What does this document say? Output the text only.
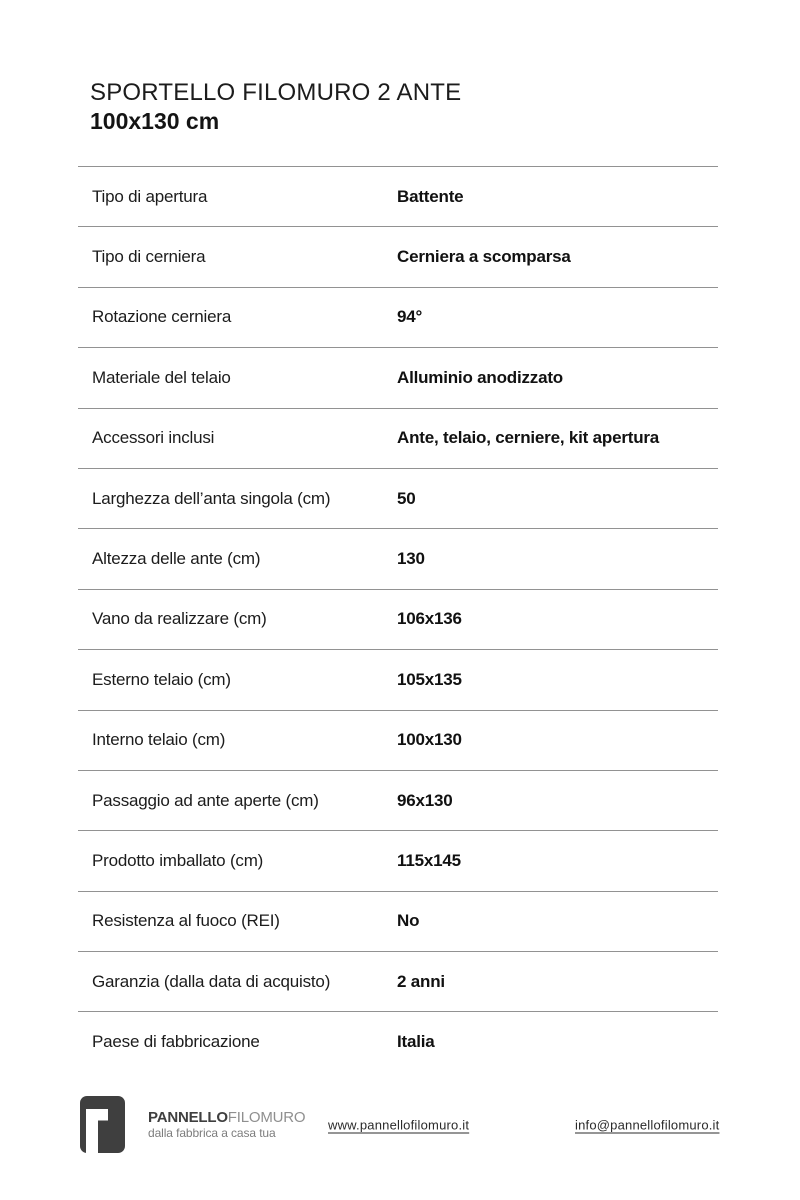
SPORTELLO FILOMURO 2 ANTE
100x130 cm
Tipo di apertura	Battente
Tipo di cerniera	Cerniera a scomparsa
Rotazione cerniera	94°
Materiale del telaio	Alluminio anodizzato
Accessori inclusi	Ante, telaio, cerniere, kit apertura
Larghezza dell’anta singola (cm)	50
Altezza delle ante (cm)	130
Vano da realizzare (cm)	106x136
Esterno telaio (cm)	105x135
Interno telaio (cm)	100x130
Passaggio ad ante aperte (cm)	96x130
Prodotto imballato (cm)	115x145
Resistenza al fuoco (REI)	No
Garanzia (dalla data di acquisto)	2 anni
Paese di fabbricazione	Italia
PANNELLOFILOMURO
dalla fabbrica a casa tua
www.pannellofilomuro.it	info@pannellofilomuro.it
